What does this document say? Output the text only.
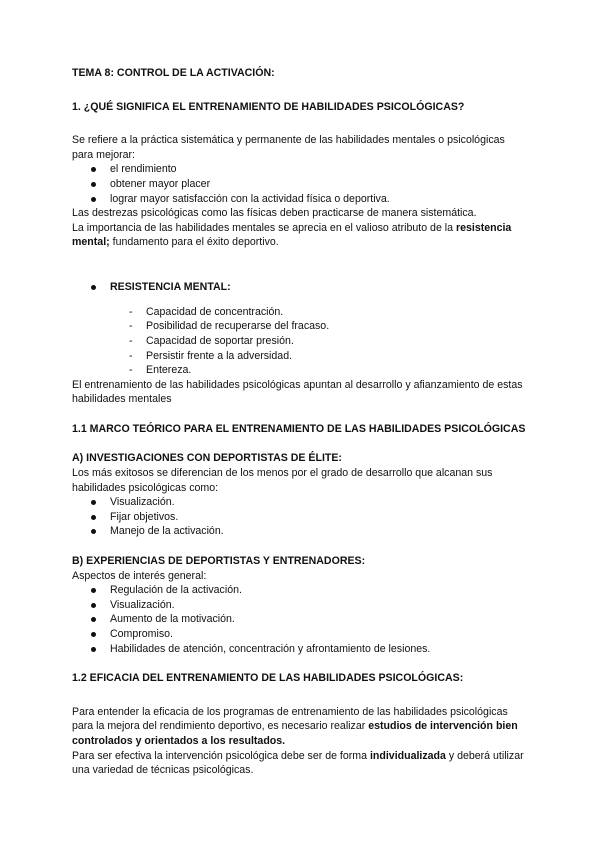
TEMA 8: CONTROL DE LA ACTIVACIÓN:

1. ¿QUÉ SIGNIFICA EL ENTRENAMIENTO DE HABILIDADES PSICOLÓGICAS?

Se refiere a la práctica sistemática y permanente de las habilidades mentales o psicológicas para mejorar:

el rendimiento
obtener mayor placer
lograr mayor satisfacción con la actividad física o deportiva.

Las destrezas psicológicas como las físicas deben practicarse de manera sistemática.

La importancia de las habilidades mentales se aprecia en el valioso atributo de la resistencia mental; fundamento para el éxito deportivo.

RESISTENCIA MENTAL:

- Capacidad de concentración.
- Posibilidad de recuperarse del fracaso.
- Capacidad de soportar presión.
- Persistir frente a la adversidad.
- Entereza.

El entrenamiento de las habilidades psicológicas apuntan al desarrollo y afianzamiento de estas habilidades mentales

1.1 MARCO TEÓRICO PARA EL ENTRENAMIENTO DE LAS HABILIDADES PSICOLÓGICAS

A) INVESTIGACIONES CON DEPORTISTAS DE ÉLITE:

Los más exitosos se diferencian de los menos por el grado de desarrollo que alcanan sus habilidades psicológicas como:

Visualización.
Fijar objetivos.
Manejo de la activación.

B) EXPERIENCIAS DE DEPORTISTAS Y ENTRENADORES:

Aspectos de interés general:

Regulación de la activación.
Visualización.
Aumento de la motivación.
Compromiso.
Habilidades de atención, concentración y afrontamiento de lesiones.

1.2 EFICACIA DEL ENTRENAMIENTO DE LAS HABILIDADES PSICOLÓGICAS:

Para entender la eficacia de los programas de entrenamiento de las habilidades psicológicas para la mejora del rendimiento deportivo, es necesario realizar estudios de intervención bien controlados y orientados a los resultados.

Para ser efectiva la intervención psicológica debe ser de forma individualizada y deberá utilizar una variedad de técnicas psicológicas.
